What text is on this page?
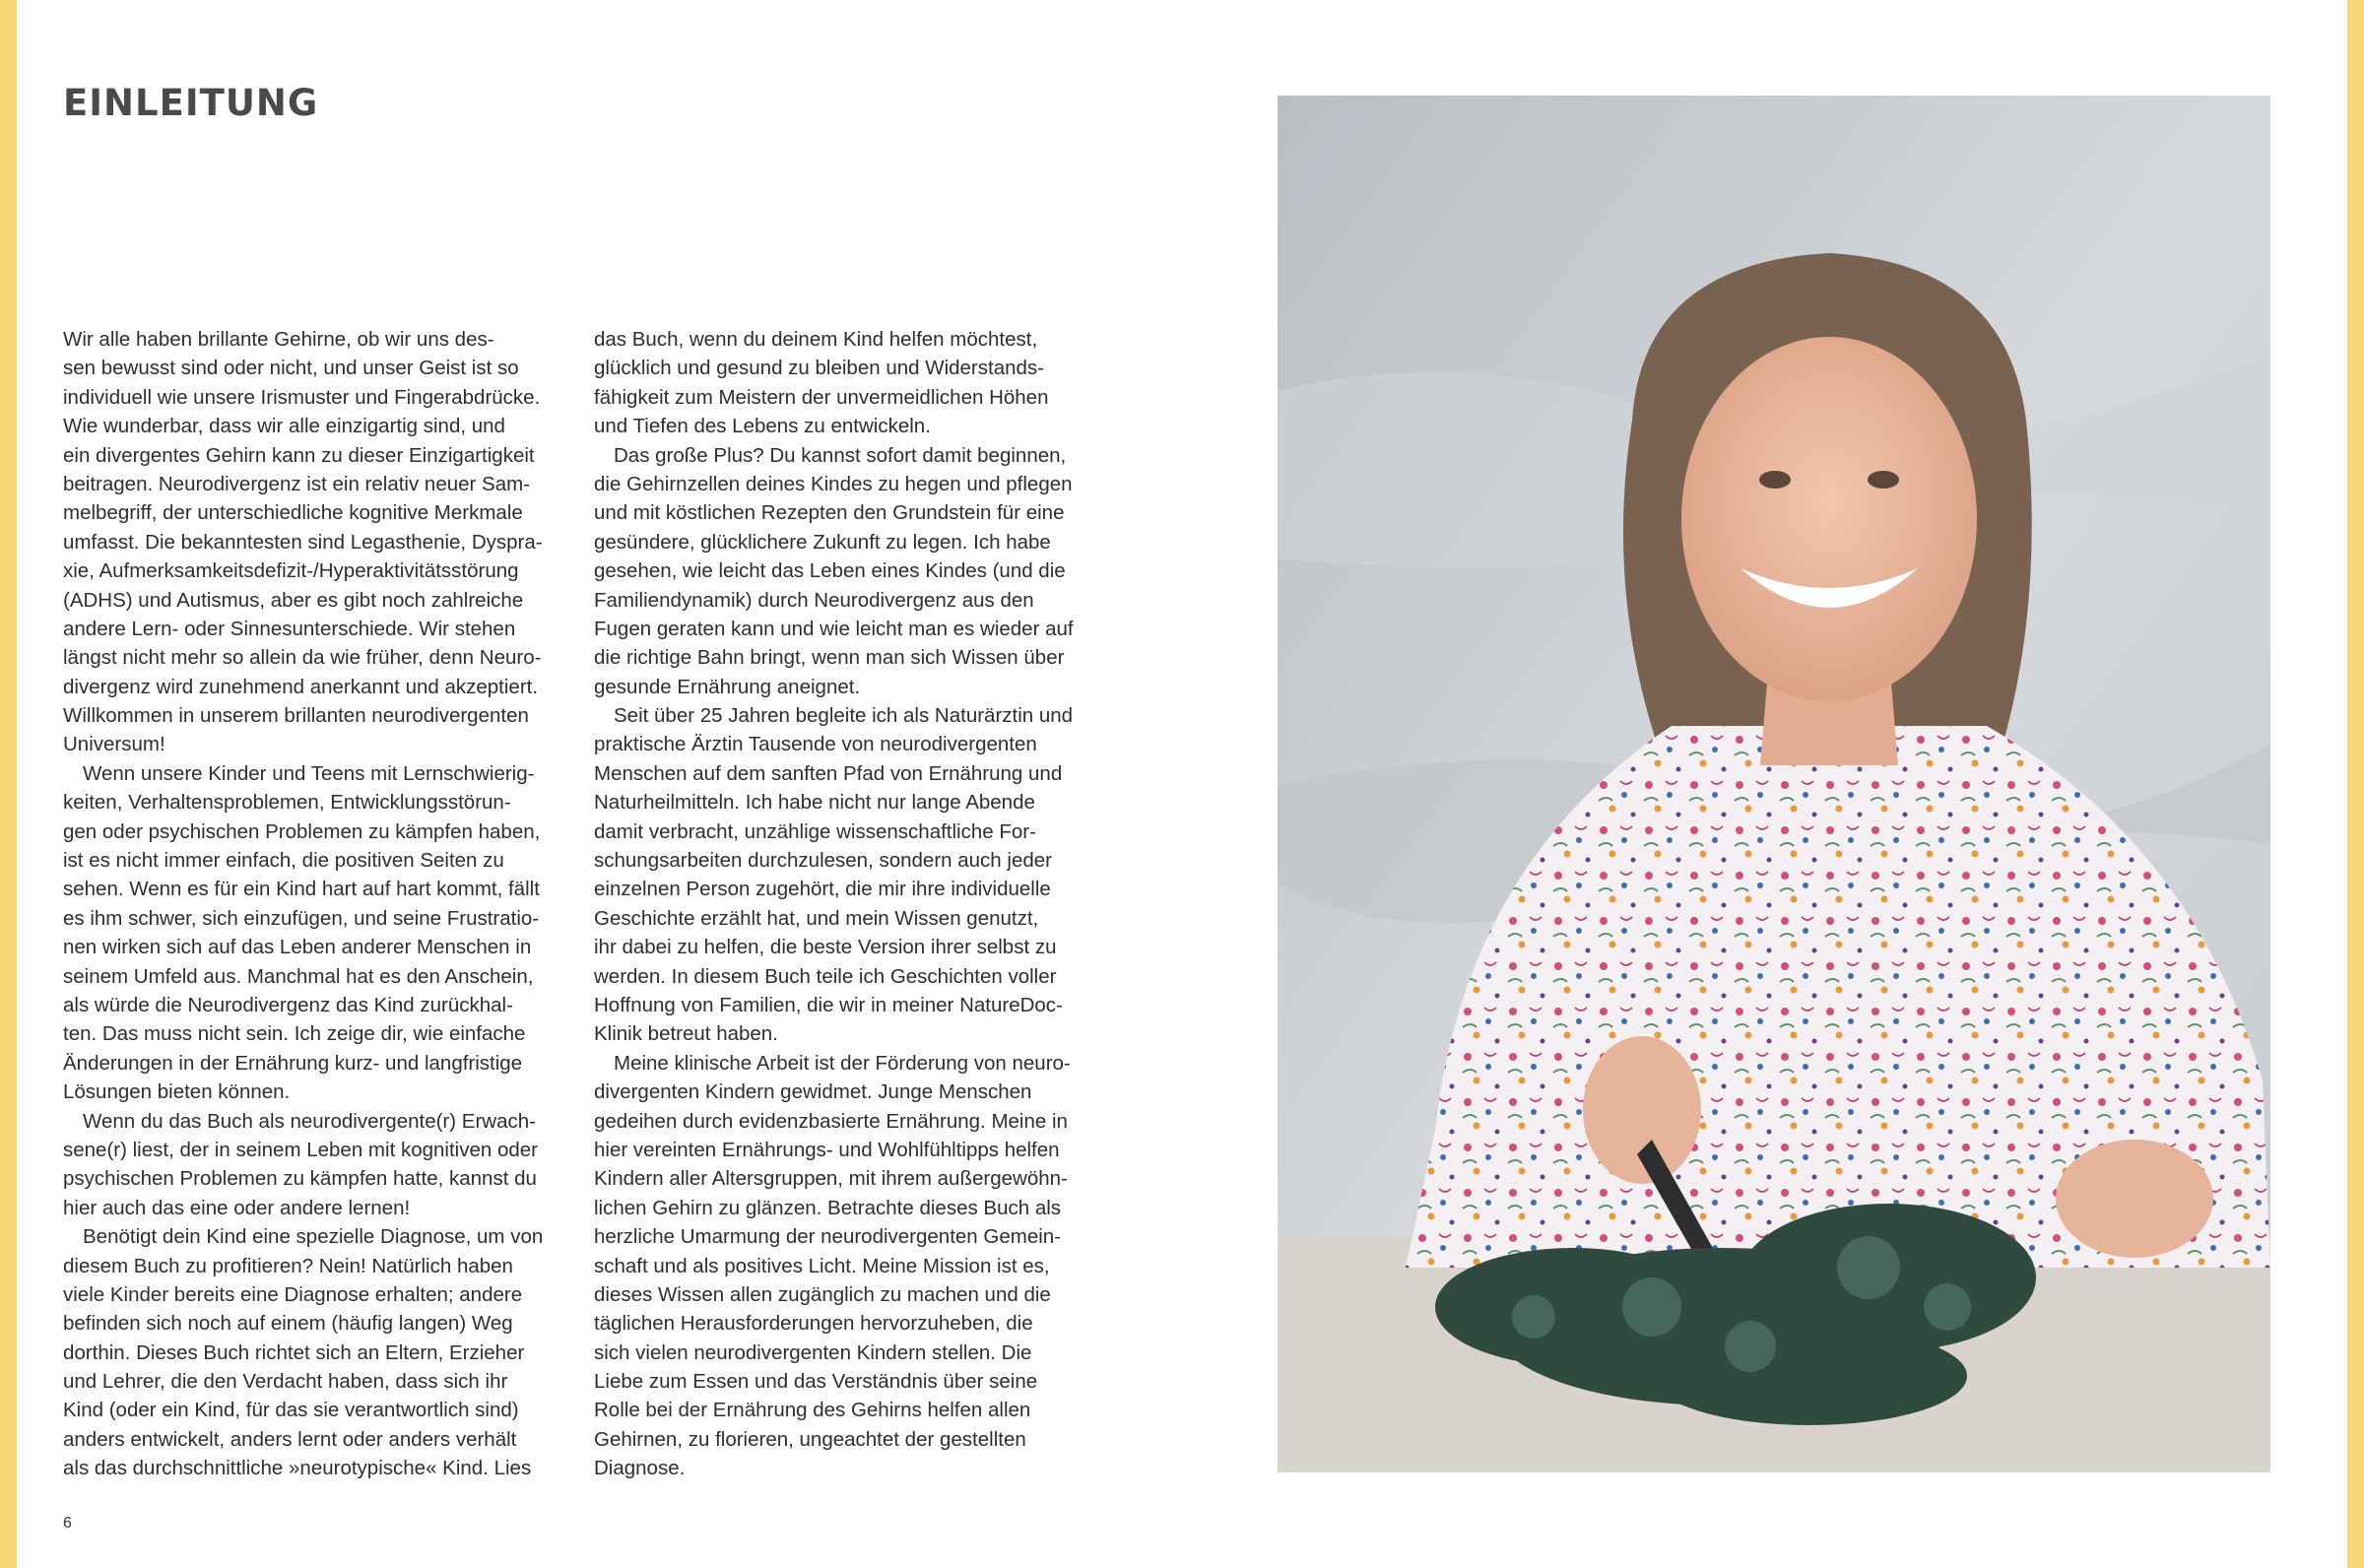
EINLEITUNG
Wir alle haben brillante Gehirne, ob wir uns des-
sen bewusst sind oder nicht, und unser Geist ist so
individuell wie unsere Irismuster und Fingerabdrücke.
Wie wunderbar, dass wir alle einzigartig sind, und
ein divergentes Gehirn kann zu dieser Einzigartigkeit
beitragen. Neurodivergenz ist ein relativ neuer Sam-
melbegriff, der unterschiedliche kognitive Merkmale
umfasst. Die bekanntesten sind Legasthenie, Dyspra-
xie, Aufmerksamkeitsdefizit-/Hyperaktivitätsstörung
(ADHS) und Autismus, aber es gibt noch zahlreiche
andere Lern- oder Sinnesunterschiede. Wir stehen
längst nicht mehr so allein da wie früher, denn Neuro-
divergenz wird zunehmend anerkannt und akzeptiert.
Willkommen in unserem brillanten neurodivergenten
Universum!
Wenn unsere Kinder und Teens mit Lernschwierig-
keiten, Verhaltensproblemen, Entwicklungsstörun-
gen oder psychischen Problemen zu kämpfen haben,
ist es nicht immer einfach, die positiven Seiten zu
sehen. Wenn es für ein Kind hart auf hart kommt, fällt
es ihm schwer, sich einzufügen, und seine Frustratio-
nen wirken sich auf das Leben anderer Menschen in
seinem Umfeld aus. Manchmal hat es den Anschein,
als würde die Neurodivergenz das Kind zurückhal-
ten. Das muss nicht sein. Ich zeige dir, wie einfache
Änderungen in der Ernährung kurz- und langfristige
Lösungen bieten können.
Wenn du das Buch als neurodivergente(r) Erwach-
sene(r) liest, der in seinem Leben mit kognitiven oder
psychischen Problemen zu kämpfen hatte, kannst du
hier auch das eine oder andere lernen!
Benötigt dein Kind eine spezielle Diagnose, um von
diesem Buch zu profitieren? Nein! Natürlich haben
viele Kinder bereits eine Diagnose erhalten; andere
befinden sich noch auf einem (häufig langen) Weg
dorthin. Dieses Buch richtet sich an Eltern, Erzieher
und Lehrer, die den Verdacht haben, dass sich ihr
Kind (oder ein Kind, für das sie verantwortlich sind)
anders entwickelt, anders lernt oder anders verhält
als das durchschnittliche »neurotypische« Kind. Lies
das Buch, wenn du deinem Kind helfen möchtest,
glücklich und gesund zu bleiben und Widerstands-
fähigkeit zum Meistern der unvermeidlichen Höhen
und Tiefen des Lebens zu entwickeln.
Das große Plus? Du kannst sofort damit beginnen,
die Gehirnzellen deines Kindes zu hegen und pflegen
und mit köstlichen Rezepten den Grundstein für eine
gesündere, glücklichere Zukunft zu legen. Ich habe
gesehen, wie leicht das Leben eines Kindes (und die
Familiendynamik) durch Neurodivergenz aus den
Fugen geraten kann und wie leicht man es wieder auf
die richtige Bahn bringt, wenn man sich Wissen über
gesunde Ernährung aneignet.
Seit über 25 Jahren begleite ich als Naturärztin und
praktische Ärztin Tausende von neurodivergenten
Menschen auf dem sanften Pfad von Ernährung und
Naturheilmitteln. Ich habe nicht nur lange Abende
damit verbracht, unzählige wissenschaftliche For-
schungsarbeiten durchzulesen, sondern auch jeder
einzelnen Person zugehört, die mir ihre individuelle
Geschichte erzählt hat, und mein Wissen genutzt,
ihr dabei zu helfen, die beste Version ihrer selbst zu
werden. In diesem Buch teile ich Geschichten voller
Hoffnung von Familien, die wir in meiner NatureDoc-
Klinik betreut haben.
Meine klinische Arbeit ist der Förderung von neuro-
divergenten Kindern gewidmet. Junge Menschen
gedeihen durch evidenzbasierte Ernährung. Meine in
hier vereinten Ernährungs- und Wohlfühltipps helfen
Kindern aller Altersgruppen, mit ihrem außergewöhn-
lichen Gehirn zu glänzen. Betrachte dieses Buch als
herzliche Umarmung der neurodivergenten Gemein-
schaft und als positives Licht. Meine Mission ist es,
dieses Wissen allen zugänglich zu machen und die
täglichen Herausforderungen hervorzuheben, die
sich vielen neurodivergenten Kindern stellen. Die
Liebe zum Essen und das Verständnis über seine
Rolle bei der Ernährung des Gehirns helfen allen
Gehirnen, zu florieren, ungeachtet der gestellten
Diagnose.
6
